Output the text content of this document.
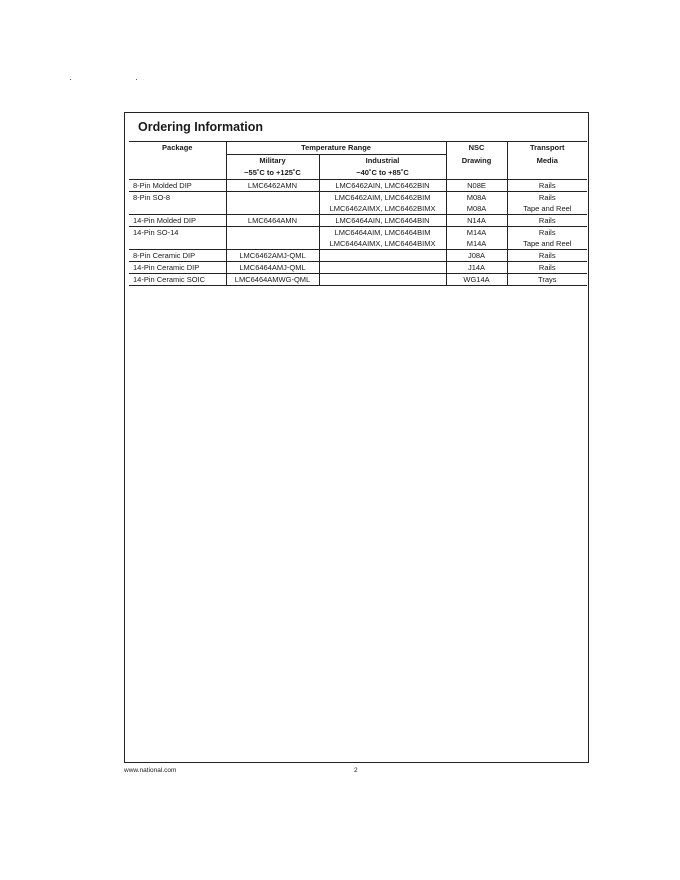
Ordering Information
Package	Temperature Range		NSC	Transport
	Military	Industrial	Drawing	Media
	−55˚C to +125˚C	−40˚C to +85˚C		
8-Pin Molded DIP	LMC6462AMN	LMC6462AIN, LMC6462BIN	N08E	Rails
8-Pin SO-8		LMC6462AIM, LMC6462BIM	M08A	Rails
		LMC6462AIMX, LMC6462BIMX	M08A	Tape and Reel
14-Pin Molded DIP	LMC6464AMN	LMC6464AIN, LMC6464BIN	N14A	Rails
14-Pin SO-14		LMC6464AIM, LMC6464BIM	M14A	Rails
		LMC6464AIMX, LMC6464BIMX	M14A	Tape and Reel
8-Pin Ceramic DIP	LMC6462AMJ-QML		J08A	Rails
14-Pin Ceramic DIP	LMC6464AMJ-QML		J14A	Rails
14-Pin Ceramic SOIC	LMC6464AMWG-QML		WG14A	Trays
www.national.com	2
